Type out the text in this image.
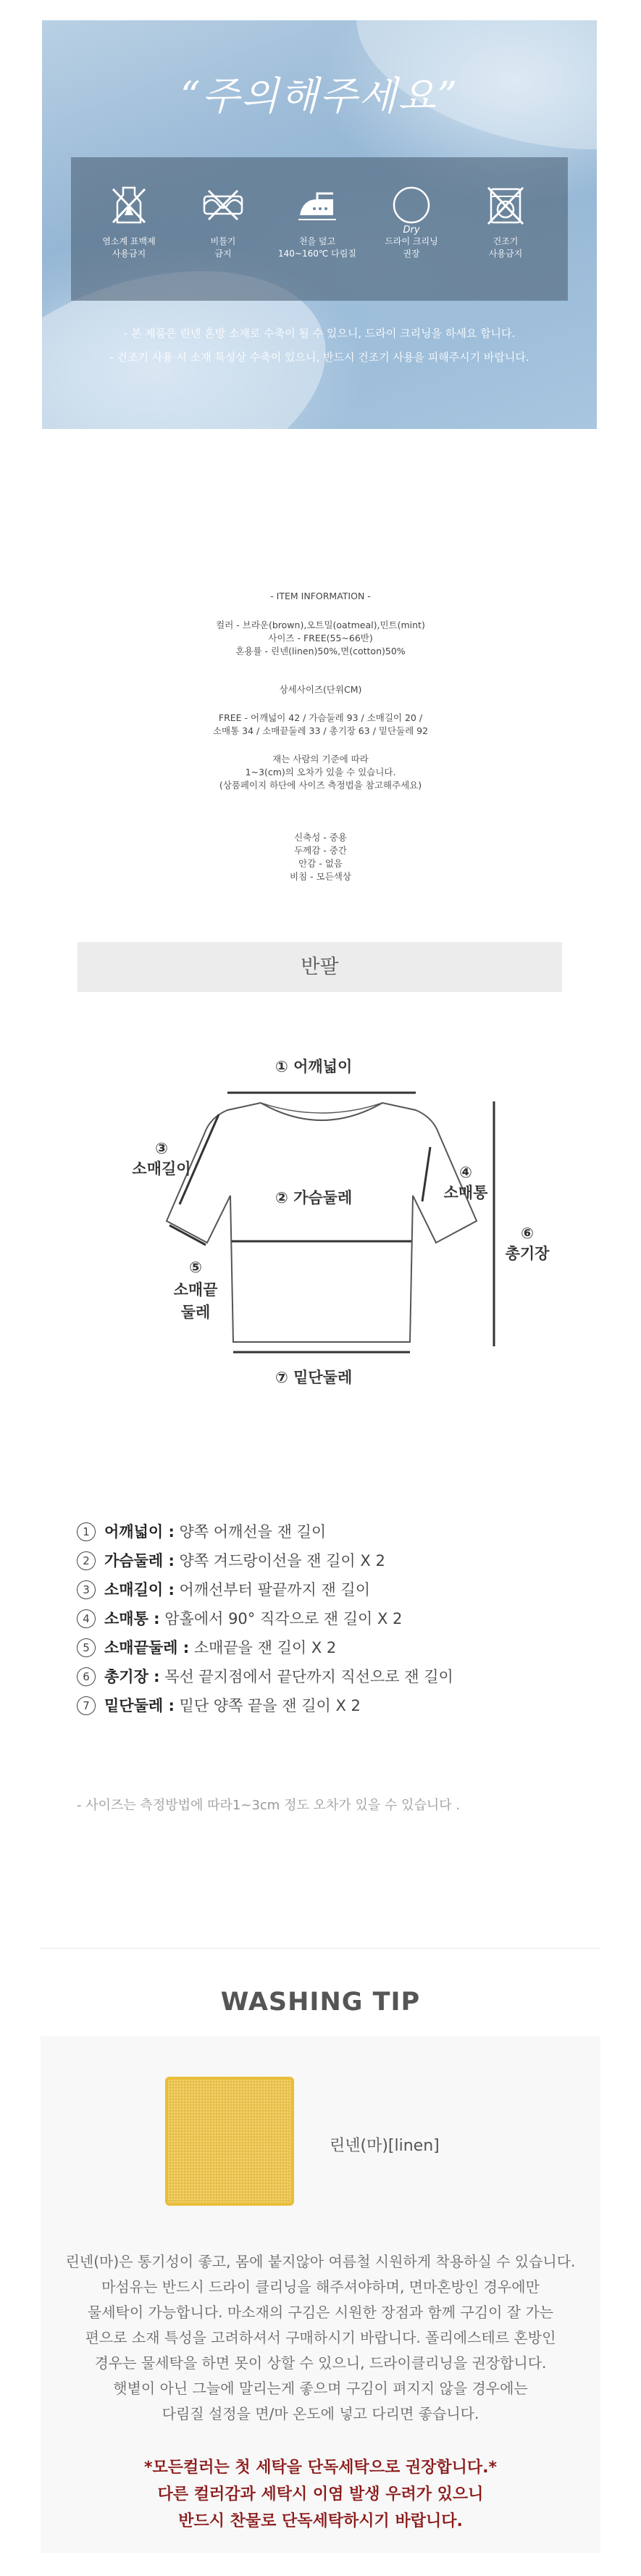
“주의해주세요”
염소계 표백제
사용금지
비틀기
금지
천을 덮고
140~160℃ 다림질
Dry
드라이 크리닝
권장
건조기
사용금지
- 본 제품은 린넨 혼방 소재로 수축이 될 수 있으니, 드라이 크리닝을 하세요 합니다.
- 건조기 사용 시 소재 특성상 수축이 있으니, 반드시 건조기 사용을 피해주시기 바랍니다.
- ITEM INFORMATION -
컬러 - 브라운(brown),오트밀(oatmeal),민트(mint)
사이즈 - FREE(55~66반)
혼용률 - 린넨(linen)50%,면(cotton)50%
상세사이즈(단위CM)
FREE - 어깨넓이 42 / 가슴둘레 93 / 소매길이 20 /
소매통 34 / 소매끝둘레 33 / 총기장 63 / 밑단둘레 92
재는 사람의 기준에 따라
1~3(cm)의 오차가 있을 수 있습니다.
(상품페이지 하단에 사이즈 측정법을 참고해주세요)
신축성 - 중용
두께감 - 중간
안감 - 없음
비침 - 모든색상
반팔
① 어깨넓이
② 가슴둘레
③
소매길이	④
소매통
⑤
소매끝
둘레
⑥
총기장
⑦ 밑단둘레
1 어깨넓이 : 양쪽 어깨선을 잰 길이
2 가슴둘레 : 양쪽 겨드랑이선을 잰 길이 X 2
3 소매길이 : 어깨선부터 팔끝까지 잰 길이
4 소매통 : 암홀에서 90° 직각으로 잰 길이 X 2
5 소매끝둘레 : 소매끝을 잰 길이 X 2
6 총기장 : 목선 끝지점에서 끝단까지 직선으로 잰 길이
7 밑단둘레 : 밑단 양쪽 끝을 잰 길이 X 2
- 사이즈는 측정방법에 따라1~3cm 정도 오차가 있을 수 있습니다 .
WASHING TIP
린넨(마)[linen]
린넨(마)은 통기성이 좋고, 몸에 붙지않아 여름철 시원하게 착용하실 수 있습니다.
마섬유는 반드시 드라이 클리닝을 해주셔야하며, 면마혼방인 경우에만
물세탁이 가능합니다. 마소재의 구김은 시원한 장점과 함께 구김이 잘 가는
편으로 소재 특성을 고려하셔서 구매하시기 바랍니다. 폴리에스테르 혼방인
경우는 물세탁을 하면 못이 상할 수 있으니, 드라이클리닝을 권장합니다.
햇볕이 아닌 그늘에 말리는게 좋으며 구김이 펴지지 않을 경우에는
다림질 설정을 면/마 온도에 넣고 다리면 좋습니다.
*모든컬러는 첫 세탁을 단독세탁으로 권장합니다.*
다른 컬러감과 세탁시 이염 발생 우려가 있으니
반드시 찬물로 단독세탁하시기 바랍니다.
